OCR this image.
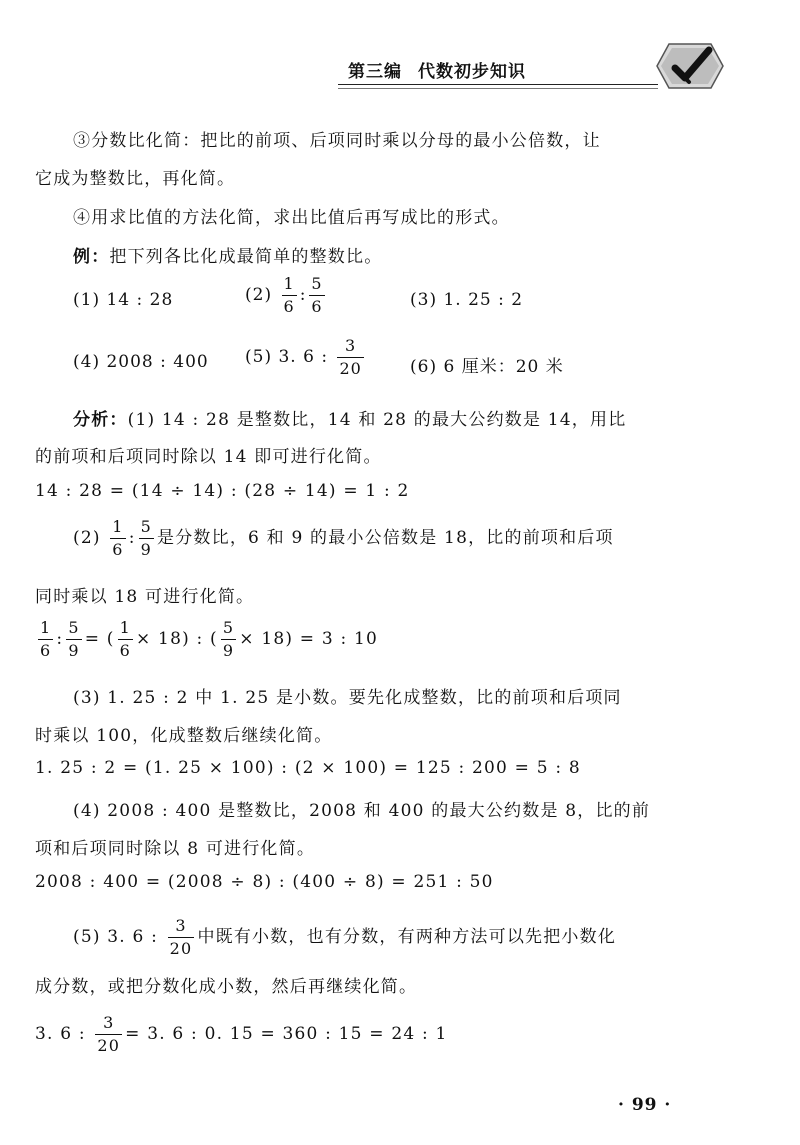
第三编 代数初步知识
③分数比化简：把比的前项、后项同时乘以分母的最小公倍数，让
它成为整数比，再化简。
④用求比值的方法化简，求出比值后再写成比的形式。
例：把下列各比化成最简单的整数比。
(1) 14 : 28	$(2) \frac{1}{6}$ : $\frac{5}{6}$	(3) 1. 25 : 2
(4) 2008 : 400 (5) 3. 6 : $\frac{3}{20}$	(6) 6 厘米：20 米
分析：(1) 14 : 28 是整数比，14 和 28 的最大公约数是 14，用比
的前项和后项同时除以 14 即可进行化简。
14 : 28 = (14 ÷ 14) : (28 ÷ 14) = 1 : 2
$(2) \frac{1}{6}$ : $\frac{5}{9}$ 是分数比，6 和 9 的最小公倍数是 18，比的前项和后项
同时乘以 18 可进行化简。
$\frac{1}{6}$ : $\frac{5}{9}$ = ( $\frac{1}{6} \times 18$) : ( $\frac{5}{9} \times 18) = 3$ : 10
(3) 1. 25 : 2 中 1. 25 是小数。要先化成整数，比的前项和后项同
时乘以 100，化成整数后继续化简。
1. 25 : 2 = (1. 25 × 100) : (2 × 100) = 125 : 200 = 5 : 8
(4) 2008 : 400 是整数比，2008 和 400 的最大公约数是 8，比的前
项和后项同时除以 8 可进行化简。
2008 : 400 = (2008 ÷ 8) : (400 ÷ 8) = 251 : 50
(5) 3. 6 : $\frac{3}{20}$ 中既有小数，也有分数，有两种方法可以先把小数化
成分数，或把分数化成小数，然后再继续化简。
3. 6 : $\frac{3}{20} = 3$. 6 : 0. 15 = 360 : 15 = 24 : 1
· 99 ·
